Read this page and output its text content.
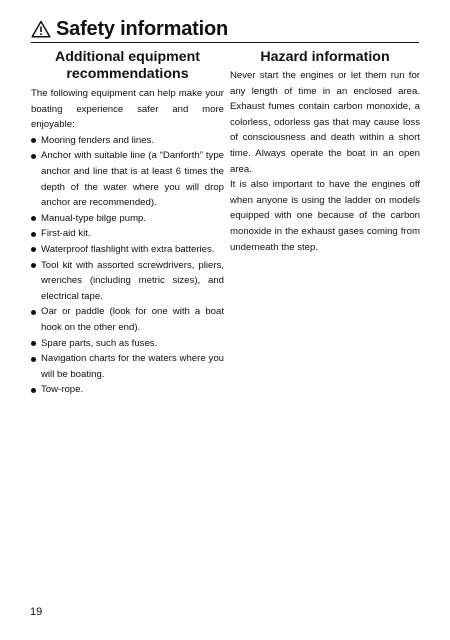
Safety information
Additional equipment recommendations

The following equipment can help make your boating experience safer and more enjoyable:

Mooring fenders and lines.
Anchor with suitable line (a “Danforth” type anchor and line that is at least 6 times the depth of the water where you will drop anchor are recommended).
Manual-type bilge pump.
First-aid kit.
Waterproof flashlight with extra batteries.
Tool kit with assorted screwdrivers, pliers, wrenches (including metric sizes), and electrical tape.
Oar or paddle (look for one with a boat hook on the other end).
Spare parts, such as fuses.
Navigation charts for the waters where you will be boating.
Tow-rope.
Hazard information

Never start the engines or let them run for any length of time in an enclosed area. Exhaust fumes contain carbon monoxide, a colorless, odorless gas that may cause loss of consciousness and death within a short time. Always operate the boat in an open area.

It is also important to have the engines off when anyone is using the ladder on models equipped with one because of the carbon monoxide in the exhaust gases coming from underneath the step.

19
